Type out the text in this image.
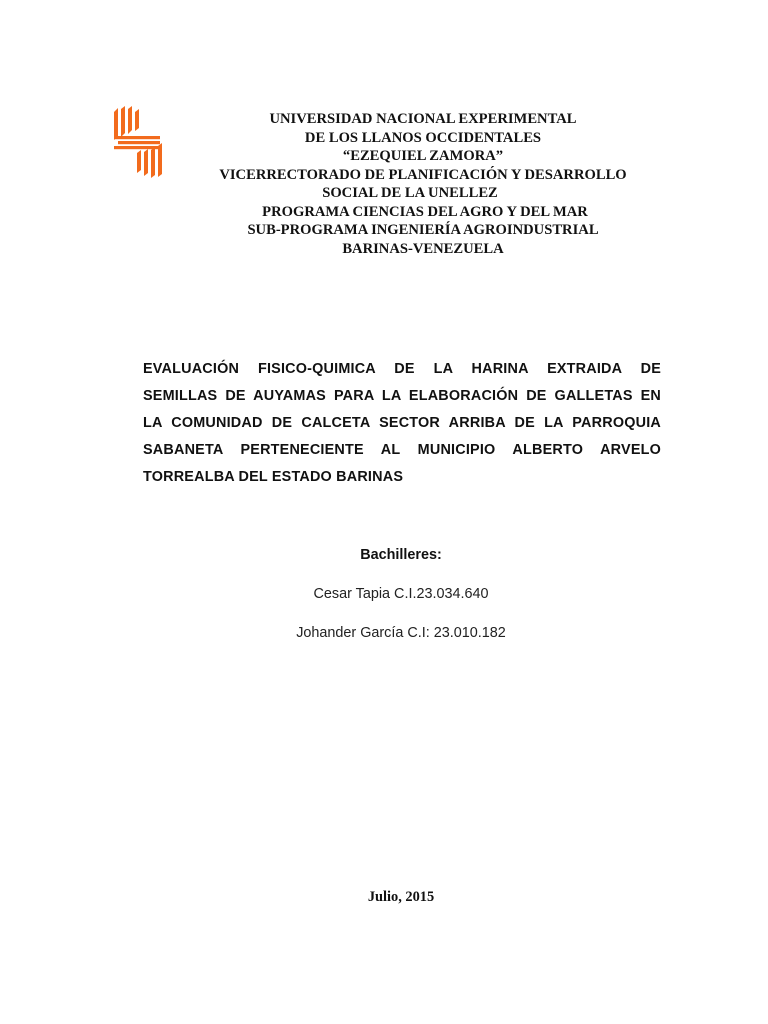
UNIVERSIDAD NACIONAL EXPERIMENTAL
DE LOS LLANOS OCCIDENTALES
“EZEQUIEL ZAMORA”
VICERRECTORADO DE PLANIFICACIÓN Y DESARROLLO
SOCIAL DE LA UNELLEZ
PROGRAMA CIENCIAS DEL AGRO Y DEL MAR
SUB-PROGRAMA INGENIERÍA AGROINDUSTRIAL
BARINAS-VENEZUELA
EVALUACIÓN FISICO-QUIMICA DE LA HARINA EXTRAIDA DE
SEMILLAS DE AUYAMAS PARA LA ELABORACIÓN DE GALLETAS EN
LA COMUNIDAD DE CALCETA SECTOR ARRIBA DE LA PARROQUIA
SABANETA PERTENECIENTE AL MUNICIPIO ALBERTO ARVELO
TORREALBA DEL ESTADO BARINAS
Bachilleres:
Cesar Tapia C.I.23.034.640
Johander García C.I: 23.010.182
Julio, 2015
